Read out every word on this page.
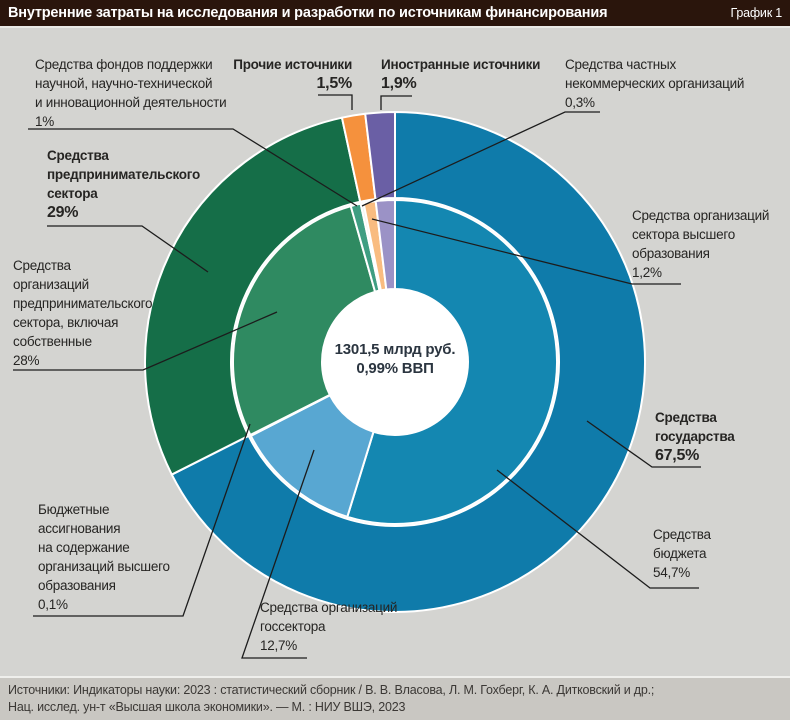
Внутренние затраты на исследования и разработки по источникам финансирования	График 1
Средства фондов поддержки
научной, научно-технической
и инновационной деятельности
1%
Прочие источники
1,5%
Иностранные источники
1,9%
Средства частных
некоммерческих организаций
0,3%
Средства организаций
сектора высшего
образования
1,2%
Средства
государства
67,5%
Средства
бюджета
54,7%
Средства организаций
госсектора
12,7%
Бюджетные
ассигнования
на содержание
организаций высшего
образования
0,1%
Средства
организаций
предпринимательского
сектора, включая
собственные
28%
Средства
предпринимательского
сектора
29%
1301,5 млрд руб.
0,99% ВВП
Источники: Индикаторы науки: 2023 : статистический сборник / В. В. Власова, Л. М. Гохберг, К. А. Дитковский и др.;
Нац. исслед. ун-т «Высшая школа экономики». — М. : НИУ ВШЭ, 2023
